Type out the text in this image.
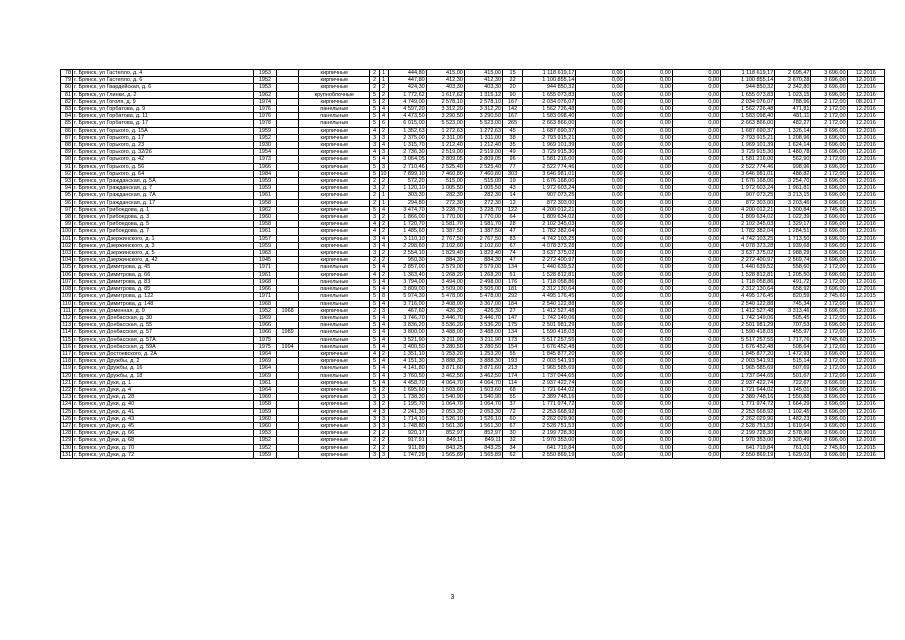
78	г. Брянск, ул Гастелло, д. 4	1953		кирпичные	2	1	444,80	415,00	415,00	15	1 118 619,17	0,00	0,00	0,00	1 118 619,17	2 695,47	3 696,00	12.2016
79	г. Брянск, ул Гастелло, д. 6	1952		кирпичные	2	1	447,80	412,30	412,30	22	1 100 855,14	0,00	0,00	0,00	1 100 855,14	2 670,28	3 696,00	12.2016
80	г. Брянск, ул Гвардейская, д. 6	1953		кирпичные	2	2	424,30	403,30	403,30	20	944 850,32	0,00	0,00	0,00	944 850,32	2 342,80	3 696,00	12.2016
81	г. Брянск, ул Глинки, д. 2	1962		крупноблочные	5	2	1 772,62	1 617,62	1 315,12	90	1 655 073,83	0,00	0,00	0,00	1 655 073,83	1 023,15	3 696,00	12.2016
82	г. Брянск, ул Гоголя, д. 9	1974		кирпичные	5	2	4 749,00	2 578,10	2 578,10	167	2 034 076,07	0,00	0,00	0,00	2 034 076,07	788,96	2 172,00	08.2017
83	г. Брянск, ул Горбатова, д. 9	1976		панельные	5	4	4 597,20	3 312,20	3 312,20	142	1 562 726,48	0,00	0,00	0,00	1 562 726,48	471,81	2 172,00	12.2016
84	г. Брянск, ул Горбатова, д. 11	1976		панельные	5	4	4 473,50	3 290,50	3 290,50	167	1 583 098,40	0,00	0,00	0,00	1 583 098,40	481,11	2 172,00	12.2016
85	г. Брянск, ул Горбатова, д. 17	1978		панельные	5	6	6 015,00	5 523,00	5 523,00	265	2 663 866,00	0,00	0,00	0,00	2 663 866,00	482,27	2 172,00	12.2016
86	г. Брянск, ул Горького, д. 15А	1959		кирпичные	4	2	1 352,63	1 272,63	1 272,63	45	1 687 690,37	0,00	0,00	0,00	1 687 690,37	1 326,14	3 696,00	12.2016
87	г. Брянск, ул Горького, д. 17	1952		кирпичные	3	3	2 375,00	2 311,00	1 311,00	38	2 793 915,21	0,00	0,00	0,00	2 793 915,21	1 208,96	3 696,00	12.2016
88	г. Брянск, ул Горького, д. 23	1930		кирпичные	3	4	1 315,70	1 212,40	1 212,40	35	1 969 101,39	0,00	0,00	0,00	1 969 101,39	1 624,14	3 696,00	12.2016
89	г. Брянск, ул Горького, д. 32/26	1954		кирпичные	4	3	2 736,30	2 519,00	2 519,00	49	3 729 915,30	0,00	0,00	0,00	3 729 915,30	1 480,78	3 696,00	12.2016
90	г. Брянск, ул Горького, д. 42	1973		кирпичные	5	4	3 064,05	2 809,05	2 809,05	96	1 581 216,00	0,00	0,00	0,00	1 581 216,00	562,90	2 172,00	12.2016
91	г. Брянск, ул Горького, д. 56	1966		кирпичные	5	3	2 710,46	2 525,40	2 525,40	77	2 522 774,46	0,00	0,00	0,00	2 522 774,46	998,96	3 696,00	12.2016
92	г. Брянск, ул Горького, д. 64	1984		кирпичные	5	10	7 899,10	7 460,80	7 460,80	303	3 646 981,01	0,00	0,00	0,00	3 646 981,01	488,82	2 172,00	12.2016
93	г. Брянск, ул Гражданская, д. 5А	1959		кирпичные	2	2	572,20	515,00	515,00	19	1 676 168,00	0,00	0,00	0,00	1 676 168,00	3 254,70	3 696,00	12.2016
94	г. Брянск, ул Гражданская, д. 7	1959		кирпичные	3	2	1 120,10	1 005,50	1 005,50	43	1 972 603,24	0,00	0,00	0,00	1 972 603,24	1 961,81	3 696,00	12.2016
95	г. Брянск, ул Гражданская, д. 7А	1961		кирпичные	2	1	303,30	282,30	282,30	14	907 073,25	0,00	0,00	0,00	907 073,25	3 213,15	3 696,00	12.2016
96	г. Брянск, ул Гражданская, д. 17	1958		кирпичные	2	1	294,80	272,30	272,30	12	872 303,00	0,00	0,00	0,00	872 303,00	3 203,46	3 696,00	12.2016
97	г. Брянск, ул Грибоедова, д. 1	1962		кирпичные	5	4	3 474,70	3 228,70	3 228,70	122	4 200 012,21	0,00	0,00	0,00	4 200 012,21	1 300,84	2 745,60	12.2015
98	г. Брянск, ул Грибоедова, д. 3	1960		кирпичные	3	2	1 866,00	1 770,00	1 770,00	64	1 809 634,02	0,00	0,00	0,00	1 809 634,02	1 022,39	3 696,00	12.2016
99	г. Брянск, ул Грибоедова, д. 5	1958		кирпичные	4	2	1 720,70	1 581,70	1 581,70	28	2 102 345,03	0,00	0,00	0,00	2 102 345,03	1 329,17	3 696,00	12.2016
100	г. Брянск, ул Грибоедова, д. 7	1961		кирпичные	4	2	1 485,60	1 387,50	1 387,50	47	1 782 382,04	0,00	0,00	0,00	1 782 382,04	1 284,51	3 696,00	12.2016
101	г. Брянск, ул Дзержинского, д. 1	1957		кирпичные	3	4	3 110,10	2 767,50	2 767,50	83	4 742 103,25	0,00	0,00	0,00	4 742 103,25	1 713,50	3 696,00	12.2016
102	г. Брянск, ул Дзержинского, д. 3	1959		кирпичные	3	4	2 298,60	2 102,60	2 102,60	67	4 078 373,28	0,00	0,00	0,00	4 078 373,28	1 939,68	3 696,00	12.2016
103	г. Брянск, ул Дзержинского, д. 5	1963		кирпичные	3	2	2 554,10	1 829,40	1 829,40	74	3 637 375,02	0,00	0,00	0,00	3 637 375,02	1 988,29	3 696,00	12.2016
104	г. Брянск, ул Дзержинского, д. 42	1945		кирпичные	2	2	950,30	884,30	884,30	47	2 272 400,97	0,00	0,00	0,00	2 272 400,97	2 569,74	3 696,00	12.2016
105	г. Брянск, ул Димитрова, д. 45	1971		панельные	5	4	2 857,00	2 579,00	2 579,00	134	1 440 639,52	0,00	0,00	0,00	1 440 639,52	558,60	2 172,00	12.2016
106	г. Брянск, ул Димитрова, д. 66	1961		кирпичные	4	2	1 363,40	1 268,20	1 268,20	51	1 528 812,81	0,00	0,00	0,00	1 528 812,81	1 205,50	3 696,00	12.2016
107	г. Брянск, ул Димитрова, д. 83	1968		панельные	5	4	3 794,00	3 494,00	2 498,00	176	1 718 058,86	0,00	0,00	0,00	1 718 058,86	491,72	2 172,00	12.2016
108	г. Брянск, ул Димитрова, д. 85	1966		панельные	5	4	3 809,00	3 509,00	3 505,00	181	2 312 130,64	0,00	0,00	0,00	2 312 130,64	658,92	3 696,00	12.2016
109	г. Брянск, ул Димитрова, д. 122	1971		панельные	5	8	5 974,30	5 478,00	5 478,00	292	4 495 176,45	0,00	0,00	0,00	4 495 176,45	820,59	2 745,60	12.2015
110	г. Брянск, ул Димитрова, д. 148	1968		панельные	5	4	3 716,00	3 408,00	3 367,00	184	2 540 122,88	0,00	0,00	0,00	2 540 122,88	745,34	2 172,00	06.2017
111	г. Брянск, ул Доменная, д. 9	1952	1968	кирпичные	2	3	467,60	426,30	426,30	27	1 412 527,48	0,00	0,00	0,00	1 412 527,48	3 313,46	3 696,00	12.2016
112	г. Брянск, ул Донбасская, д. 30	1969		панельные	5	4	3 746,70	3 446,70	3 446,70	147	1 742 149,06	0,00	0,00	0,00	1 742 149,06	505,45	2 172,00	12.2016
113	г. Брянск, ул Донбасская, д. 55	1966		панельные	5	4	3 836,20	3 536,20	3 536,20	175	2 501 981,29	0,00	0,00	0,00	2 501 981,29	707,53	3 696,00	12.2016
114	г. Брянск, ул Донбасская, д. 57	1966	1989	панельные	5	4	3 800,00	3 488,00	3 488,00	134	1 590 418,03	0,00	0,00	0,00	1 590 418,03	455,97	2 172,00	12.2016
115	г. Брянск, ул Донбасская, д. 57А	1975		панельные	5	4	3 521,90	3 211,90	3 211,90	173	5 517 257,55	0,00	0,00	0,00	5 517 257,55	1 717,76	2 745,60	12.2015
116	г. Брянск, ул Донбасская, д. 59А	1975	1994	панельные	5	4	3 400,50	3 280,50	3 280,50	154	1 676 452,48	0,00	0,00	0,00	1 676 452,48	508,64	2 172,00	12.2016
117	г. Брянск, ул Достоевского, д. 2А	1964		кирпичные	4	2	1 351,10	1 253,20	1 253,20	55	1 845 877,20	0,00	0,00	0,00	1 845 877,20	1 472,93	3 696,00	12.2016
118	г. Брянск, ул Дружбы, д. 2	1969		кирпичные	5	4	4 151,30	3 888,30	3 888,30	193	2 003 541,93	0,00	0,00	0,00	2 003 541,93	515,14	2 172,00	12.2016
119	г. Брянск, ул Дружбы, д. 16	1964		панельные	5	4	4 141,80	3 871,60	3 871,60	213	1 965 585,69	0,00	0,00	0,00	1 965 585,69	507,69	2 172,00	12.2016
120	г. Брянск, ул Дружбы, д. 18	1969		панельные	5	4	3 760,50	3 462,50	3 462,50	174	1 737 044,65	0,00	0,00	0,00	1 737 044,65	501,67	2 172,00	12.2016
121	г. Брянск, ул Дуки, д. 1	1961		кирпичные	5	4	4 458,70	4 064,70	4 064,70	114	2 937 422,74	0,00	0,00	0,00	2 937 422,74	722,67	3 696,00	12.2016
122	г. Брянск, ул Дуки, д. 4	1964		кирпичные	5	2	1 695,60	1 503,60	1 503,60	68	1 721 644,02	0,00	0,00	0,00	1 721 644,02	1 145,01	3 696,00	12.2016
123	г. Брянск, ул Дуки, д. 28	1960		кирпичные	3	3	1 738,30	1 540,90	1 540,90	55	2 389 748,16	0,00	0,00	0,00	2 389 748,16	1 550,88	3 696,00	12.2016
124	г. Брянск, ул Дуки, д. 40	1958		кирпичные	3	2	1 195,70	1 064,70	1 064,70	37	1 771 974,72	0,00	0,00	0,00	1 771 974,72	1 664,29	3 696,00	12.2016
125	г. Брянск, ул Дуки, д. 41	1959		кирпичные	4	3	2 241,30	2 053,30	2 053,30	72	2 253 668,92	0,00	0,00	0,00	2 253 668,92	1 102,45	3 696,00	12.2016
126	г. Брянск, ул Дуки, д. 43	1960		кирпичные	3	3	1 714,10	1 526,10	1 526,10	60	2 262 029,90	0,00	0,00	0,00	2 262 029,90	1 482,23	3 696,00	12.2016
127	г. Брянск, ул Дуки, д. 45	1960		кирпичные	3	3	1 748,80	1 561,30	1 561,30	67	2 528 751,53	0,00	0,00	0,00	2 528 751,53	1 619,64	3 696,00	12.2016
128	г. Брянск, ул Дуки, д. 66	1953		кирпичные	2	2	920,17	852,97	852,97	30	2 199 728,30	0,00	0,00	0,00	2 199 728,30	2 578,90	3 696,00	12.2016
129	г. Брянск, ул Дуки, д. 68	1952		кирпичные	2	2	917,91	849,11	849,11	32	1 970 353,00	0,00	0,00	0,00	1 970 353,00	2 320,49	3 696,00	12.2016
130	г. Брянск, ул Дуки, д. 70	1952		кирпичные	2	2	911,89	843,25	843,25	34	641 719,84	0,00	0,00	0,00	641 719,84	761,01	2 745,60	12.2015
131	г. Брянск, ул Дуки, д. 72	1959		кирпичные	3	3	1 747,29	1 565,89	1 565,89	62	2 550 869,19	0,00	0,00	0,00	2 550 869,19	1 629,02	3 696,00	12.2016
3
